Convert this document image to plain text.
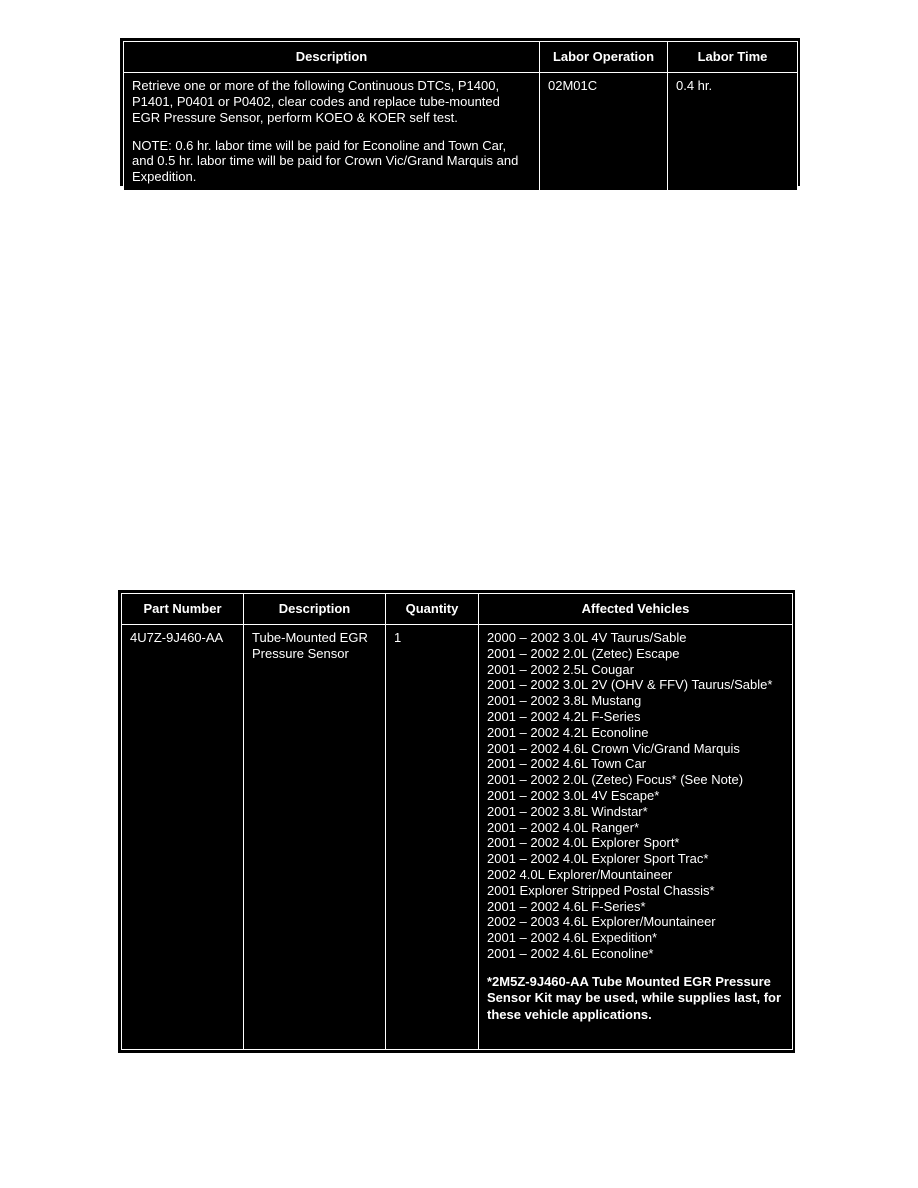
Description	Labor Operation	Labor Time

Retrieve one or more of the following Continuous DTCs, P1400, P1401, P0401 or P0402, clear codes and replace tube-mounted EGR Pressure Sensor, perform KOEO & KOER self test.

NOTE: 0.6 hr. labor time will be paid for Econoline and Town Car, and 0.5 hr. labor time will be paid for Crown Vic/Grand Marquis and Expedition.	02M01C	0.4 hr.
Part Number	Description	Quantity	Affected Vehicles
4U7Z-9J460-AA	Tube-Mounted EGR Pressure Sensor	1	2000 – 2002 3.0L 4V Taurus/Sable
2001 – 2002 2.0L (Zetec) Escape
2001 – 2002 2.5L Cougar
2001 – 2002 3.0L 2V (OHV & FFV) Taurus/Sable*
2001 – 2002 3.8L Mustang
2001 – 2002 4.2L F-Series
2001 – 2002 4.2L Econoline
2001 – 2002 4.6L Crown Vic/Grand Marquis
2001 – 2002 4.6L Town Car
2001 – 2002 2.0L (Zetec) Focus* (See Note)
2001 – 2002 3.0L 4V Escape*
2001 – 2002 3.8L Windstar*
2001 – 2002 4.0L Ranger*
2001 – 2002 4.0L Explorer Sport*
2001 – 2002 4.0L Explorer Sport Trac*
2002 4.0L Explorer/Mountaineer
2001 Explorer Stripped Postal Chassis*
2001 – 2002 4.6L F-Series*
2002 – 2003 4.6L Explorer/Mountaineer
2001 – 2002 4.6L Expedition*
2001 – 2002 4.6L Econoline*
*2M5Z-9J460-AA Tube Mounted EGR Pressure Sensor Kit may be used, while supplies last, for these vehicle applications.
